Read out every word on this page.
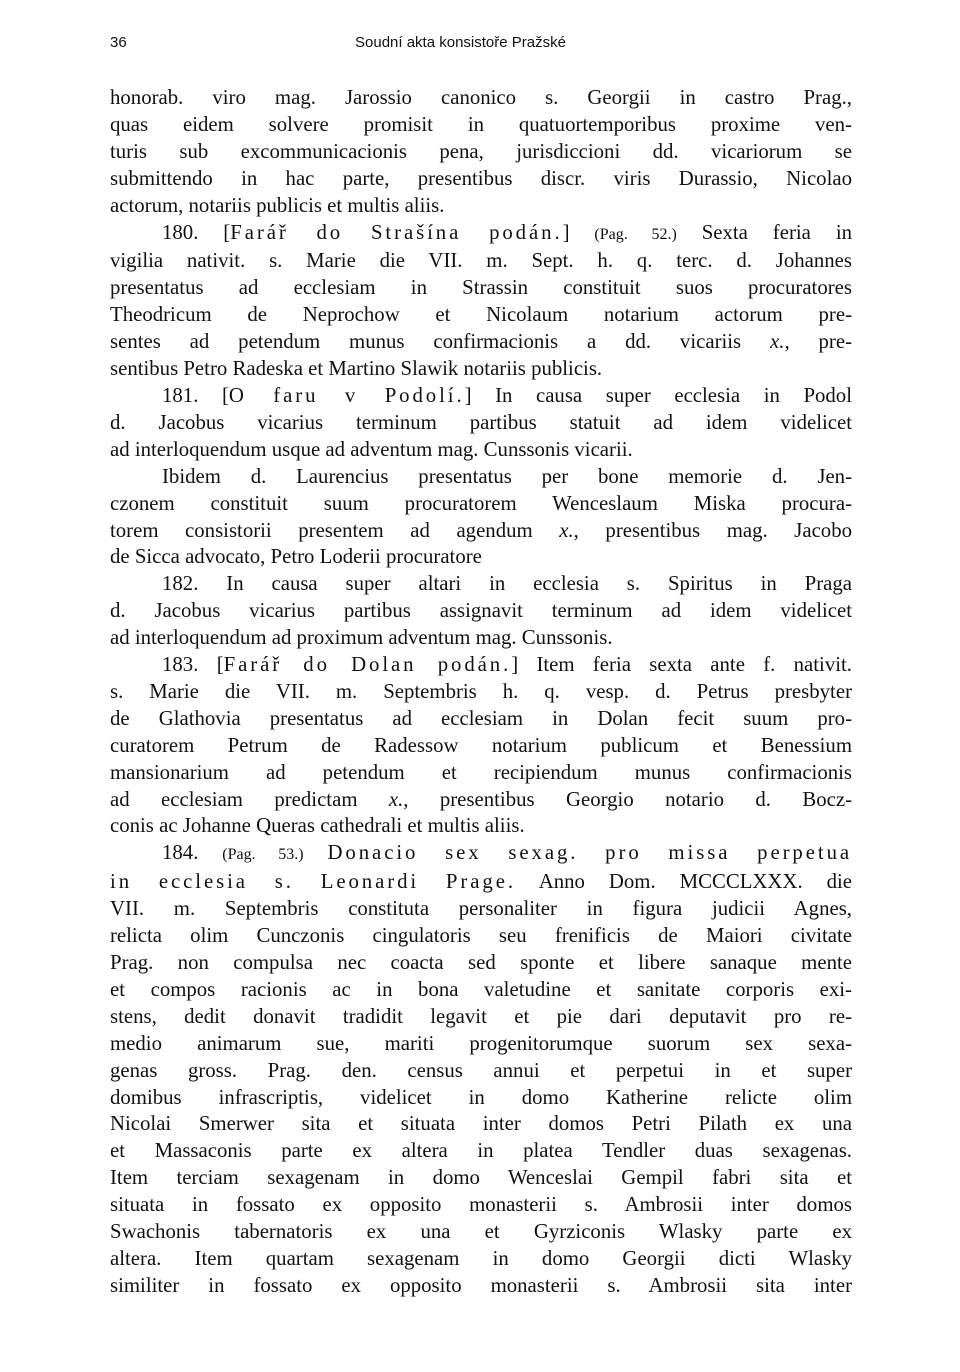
36	Soudní akta konsistoře Pražské
honorab. viro mag. Jarossio canonico s. Georgii in castro Prag.,
quas eidem solvere promisit in quatuortemporibus proxime ven-
turis sub excommunicacionis pena, jurisdiccioni dd. vicariorum se
submittendo in hac parte, presentibus discr. viris Durassio, Nicolao
actorum, notariis publicis et multis aliis.
180. [Farář do Strašína podán.] (Pag. 52.) Sexta feria in
vigilia nativit. s. Marie die VII. m. Sept. h. q. terc. d. Johannes
presentatus ad ecclesiam in Strassin constituit suos procuratores
Theodricum de Neprochow et Nicolaum notarium actorum pre-
sentes ad petendum munus confirmacionis a dd. vicariis x., pre-
sentibus Petro Radeska et Martino Slawik notariis publicis.
181. [O faru v Podolí.] In causa super ecclesia in Podol
d. Jacobus vicarius terminum partibus statuit ad idem videlicet
ad interloquendum usque ad adventum mag. Cunssonis vicarii.
Ibidem d. Laurencius presentatus per bone memorie d. Jen-
czonem constituit suum procuratorem Wenceslaum Miska procura-
torem consistorii presentem ad agendum x., presentibus mag. Jacobo
de Sicca advocato, Petro Loderii procuratore
182. In causa super altari in ecclesia s. Spiritus in Praga
d. Jacobus vicarius partibus assignavit terminum ad idem videlicet
ad interloquendum ad proximum adventum mag. Cunssonis.
183. [Farář do Dolan podán.] Item feria sexta ante f. nativit.
s. Marie die VII. m. Septembris h. q. vesp. d. Petrus presbyter
de Glathovia presentatus ad ecclesiam in Dolan fecit suum pro-
curatorem Petrum de Radessow notarium publicum et Benessium
mansionarium ad petendum et recipiendum munus confirmacionis
ad ecclesiam predictam x., presentibus Georgio notario d. Bocz-
conis ac Johanne Queras cathedrali et multis aliis.
184. (Pag. 53.) Donacio sex sexag. pro missa perpetua
in ecclesia s. Leonardi Prage. Anno Dom. MCCCLXXX. die
VII. m. Septembris constituta personaliter in figura judicii Agnes,
relicta olim Cunczonis cingulatoris seu frenificis de Maiori civitate
Prag. non compulsa nec coacta sed sponte et libere sanaque mente
et compos racionis ac in bona valetudine et sanitate corporis exi-
stens, dedit donavit tradidit legavit et pie dari deputavit pro re-
medio animarum sue, mariti progenitorumque suorum sex sexa-
genas gross. Prag. den. census annui et perpetui in et super
domibus infrascriptis, videlicet in domo Katherine relicte olim
Nicolai Smerwer sita et situata inter domos Petri Pilath ex una
et Massaconis parte ex altera in platea Tendler duas sexagenas.
Item terciam sexagenam in domo Wenceslai Gempil fabri sita et
situata in fossato ex opposito monasterii s. Ambrosii inter domos
Swachonis tabernatoris ex una et Gyrziconis Wlasky parte ex
altera. Item quartam sexagenam in domo Georgii dicti Wlasky
similiter in fossato ex opposito monasterii s. Ambrosii sita inter
